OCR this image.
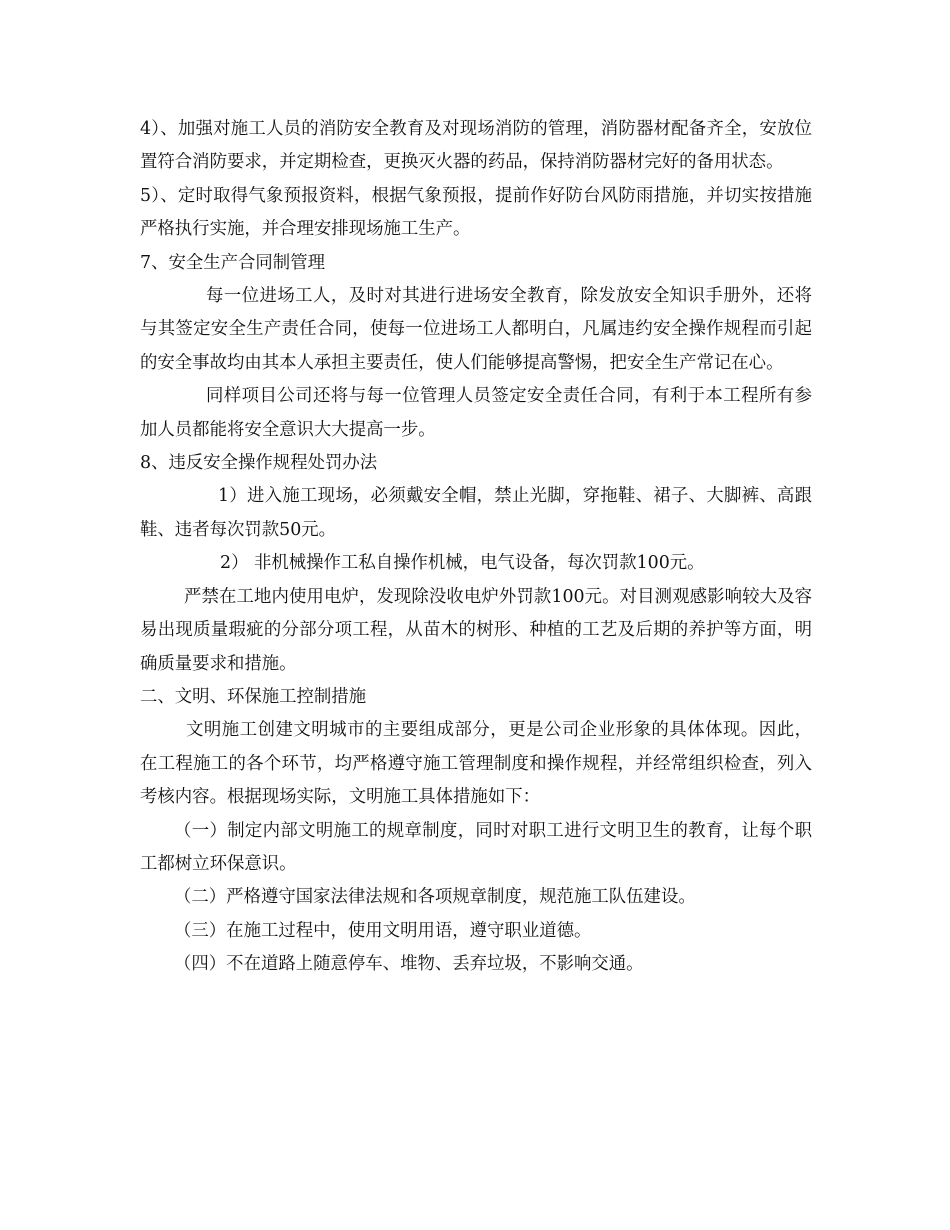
4）、加强对施工人员的消防安全教育及对现场消防的管理，消防器材配备齐全，安放位置符合消防要求，并定期检查，更换灭火器的药品，保持消防器材完好的备用状态。

5）、定时取得气象预报资料，根据气象预报，提前作好防台风防雨措施，并切实按措施严格执行实施，并合理安排现场施工生产。

7、安全生产合同制管理

每一位进场工人，及时对其进行进场安全教育，除发放安全知识手册外，还将与其签定安全生产责任合同，使每一位进场工人都明白，凡属违约安全操作规程而引起的安全事故均由其本人承担主要责任，使人们能够提高警惕，把安全生产常记在心。

同样项目公司还将与每一位管理人员签定安全责任合同，有利于本工程所有参加人员都能将安全意识大大提高一步。

8、违反安全操作规程处罚办法

1）进入施工现场，必须戴安全帽，禁止光脚，穿拖鞋、裙子、大脚裤、高跟鞋、违者每次罚款50元。

2） 非机械操作工私自操作机械，电气设备，每次罚款100元。

严禁在工地内使用电炉，发现除没收电炉外罚款100元。对目测观感影响较大及容易出现质量瑕疵的分部分项工程，从苗木的树形、种植的工艺及后期的养护等方面，明确质量要求和措施。

二、文明、环保施工控制措施

文明施工创建文明城市的主要组成部分，更是公司企业形象的具体体现。因此，在工程施工的各个环节，均严格遵守施工管理制度和操作规程，并经常组织检查，列入考核内容。根据现场实际，文明施工具体措施如下：

（一）制定内部文明施工的规章制度，同时对职工进行文明卫生的教育，让每个职工都树立环保意识。

（二）严格遵守国家法律法规和各项规章制度，规范施工队伍建设。

（三）在施工过程中，使用文明用语，遵守职业道德。

（四）不在道路上随意停车、堆物、丢弃垃圾，不影响交通。
